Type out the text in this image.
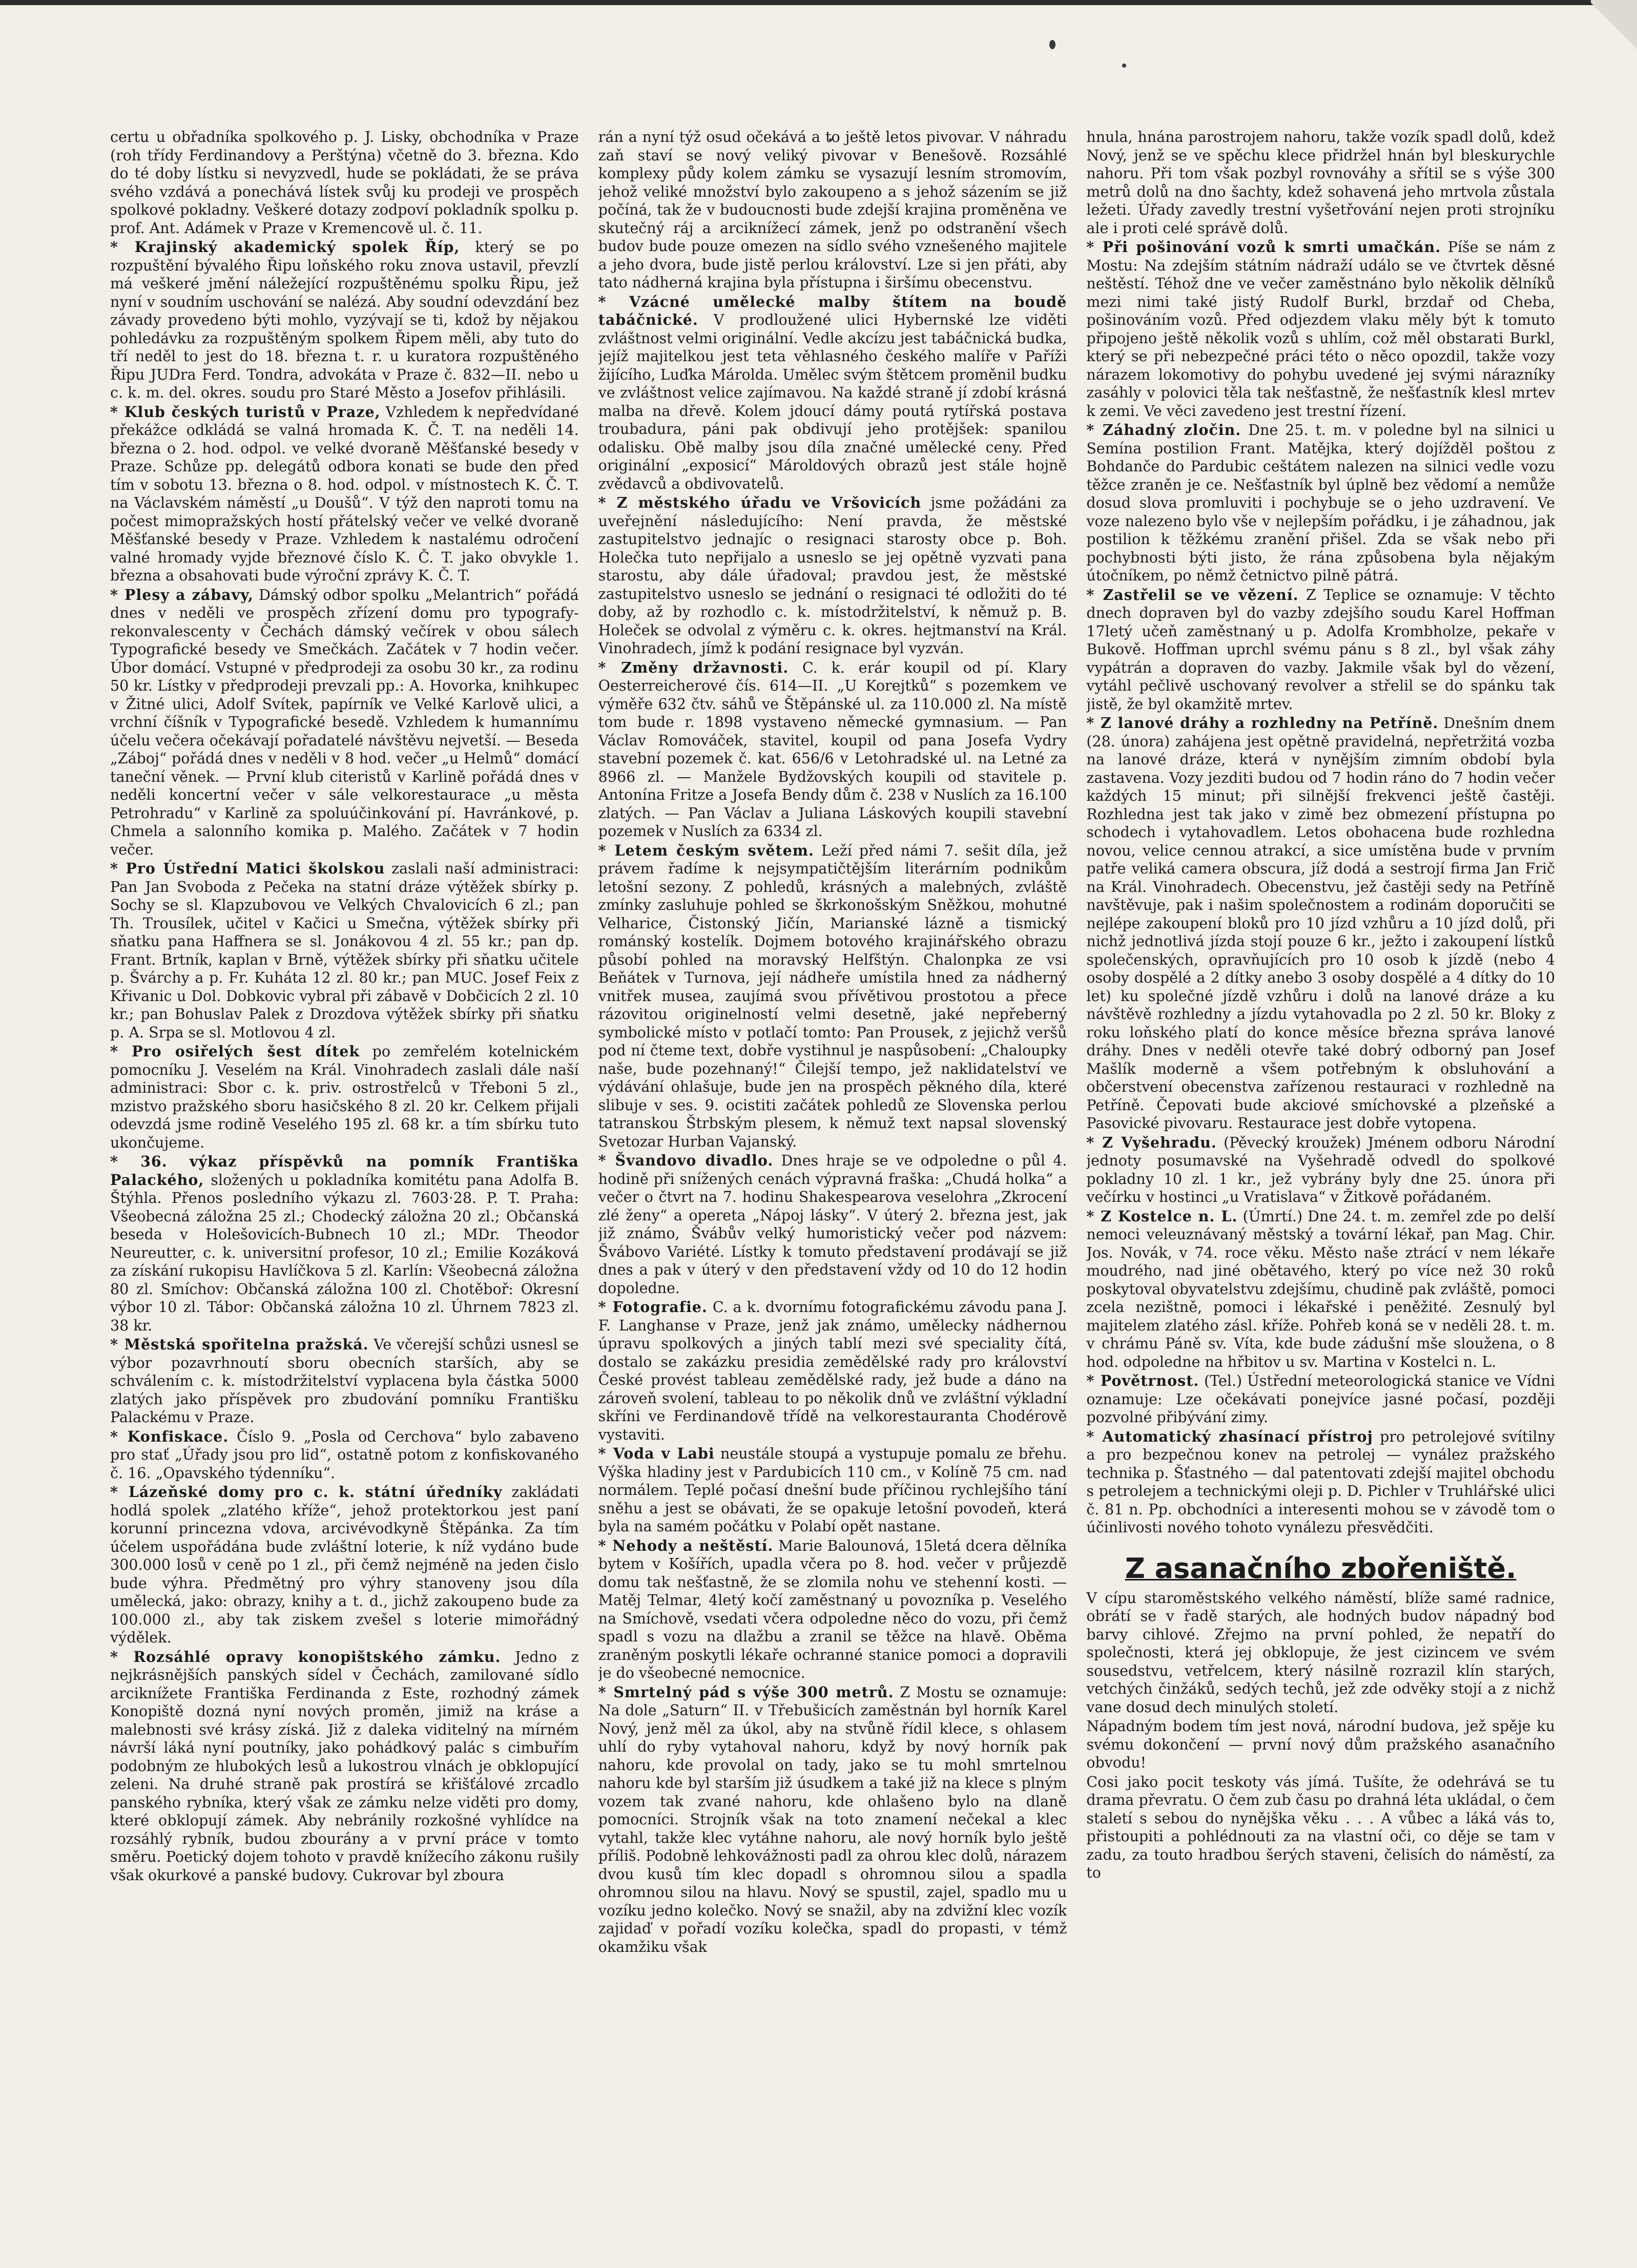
certu u obřadníka spolkového p. J. Lisky, obchodníka v Praze (roh třídy Ferdinandovy a Perštýna) včetně do 3. března. Kdo do té doby lístku si nevyzvedl, hude se pokládati, že se práva svého vzdává a ponechává lístek svůj ku prodeji ve prospěch spolkové pokladny. Veškeré dotazy zodpoví pokladník spolku p. prof. Ant. Adámek v Praze v Kremencově ul. č. 11.

* Krajinský akademický spolek Říp, který se po rozpuštění bývalého Řipu loňského roku znova ustavil, převzlí má veškeré jmění náležející rozpuštěnému spolku Řipu, jež nyní v soudním uschování se nalézá. Aby soudní odevzdání bez závady provedeno býti mohlo, vyzývají se ti, kdož by nějakou pohledávku za rozpuštěným spolkem Řipem měli, aby tuto do tří neděl to jest do 18. března t. r. u kuratora rozpuštěného Řipu JUDra Ferd. Tondra, advokáta v Praze č. 832—II. nebo u c. k. m. del. okres. soudu pro Staré Město a Josefov přihlásili.

* Klub českých turistů v Praze, Vzhledem k nepředvídané překážce odkládá se valná hromada K. Č. T. na neděli 14. března o 2. hod. odpol. ve velké dvoraně Měšťanské besedy v Praze. Schůze pp. delegátů odbora konati se bude den před tím v sobotu 13. března o 8. hod. odpol. v místnostech K. Č. T. na Václavském náměstí „u Doušů“. V týž den naproti tomu na počest mimopražských hostí přátelský večer ve velké dvoraně Měšťanské besedy v Praze. Vzhledem k nastalému odročení valné hromady vyjde březnové číslo K. Č. T. jako obvykle 1. března a obsahovati bude výroční zprávy K. Č. T.

* Plesy a zábavy, Dámský odbor spolku „Melantrich“ pořádá dnes v neděli ve prospěch zřízení domu pro typografy-rekonvalescenty v Čechách dámský večírek v obou sálech Typografické besedy ve Smečkách. Začátek v 7 hodin večer. Úbor domácí. Vstupné v předprodeji za osobu 30 kr., za rodinu 50 kr. Lístky v předprodeji prevzali pp.: A. Hovorka, knihkupec v Žitné ulici, Adolf Svítek, papírník ve Velké Karlově ulici, a vrchní číšník v Typografické besedě. Vzhledem k humannímu účelu večera očekávají pořadatelé návštěvu nejvetší. — Beseda „Záboj“ pořádá dnes v neděli v 8 hod. večer „u Helmů“ domácí taneční věnek. — První klub citeristů v Karlině pořádá dnes v neděli koncertní večer v sále velkorestaurace „u města Petrohradu“ v Karlině za spoluúčinkování pí. Havránkové, p. Chmela a salonního komika p. Malého. Začátek v 7 hodin večer.

* Pro Ústřední Matici školskou zaslali naší administraci: Pan Jan Svoboda z Pečeka na statní dráze výtěžek sbírky p. Sochy se sl. Klapzubovou ve Velkých Chvalovicích 6 zl.; pan Th. Trousílek, učitel v Kačici u Smečna, výtěžek sbírky při sňatku pana Haffnera se sl. Jonákovou 4 zl. 55 kr.; pan dp. Frant. Brtník, kaplan v Brně, výtěžek sbírky při sňatku učitele p. Švárchy a p. Fr. Kuháta 12 zl. 80 kr.; pan MUC. Josef Feix z Křivanic u Dol. Dobkovic vybral při zábavě v Dobčicích 2 zl. 10 kr.; pan Bohuslav Palek z Drozdova výtěžek sbírky při sňatku p. A. Srpa se sl. Motlovou 4 zl.

* Pro osiřelých šest dítek po zemřelém kotelnickém pomocníku J. Veselém na Král. Vinohradech zaslali dále naší administraci: Sbor c. k. priv. ostrostřelců v Třeboni 5 zl., mzistvo pražského sboru hasičského 8 zl. 20 kr. Celkem přijali odevzdá jsme rodině Veselého 195 zl. 68 kr. a tím sbírku tuto ukončujeme.

* 36. výkaz příspěvků na pomník Františka Palackého, složených u pokladníka komitétu pana Adolfa B. Štýhla. Přenos posledního výkazu zl. 7603·28. P. T. Praha: Všeobecná záložna 25 zl.; Chodecký záložna 20 zl.; Občanská beseda v Holešovicích-Bubnech 10 zl.; MDr. Theodor Neureutter, c. k. universitní profesor, 10 zl.; Emilie Kozáková za získání rukopisu Havlíčkova 5 zl. Karlín: Všeobecná záložna 80 zl. Smíchov: Občanská záložna 100 zl. Chotěboř: Okresní výbor 10 zl. Tábor: Občanská záložna 10 zl. Úhrnem 7823 zl. 38 kr.

* Městská spořitelna pražská. Ve včerejší schůzi usnesl se výbor pozavrhnoutí sboru obecních starších, aby se schválením c. k. místodržitelství vyplacena byla částka 5000 zlatých jako příspěvek pro zbudování pomníku Františku Palackému v Praze.

* Konfiskace. Číslo 9. „Posla od Cerchova“ bylo zabaveno pro stať „Úřady jsou pro lid“, ostatně potom z konfiskovaného č. 16. „Opavského týdenníku“.

* Lázeňské domy pro c. k. státní úředníky zakládati hodlá spolek „zlatého kříže“, jehož protektorkou jest paní korunní princezna vdova, arcivévodkyně Štěpánka. Za tím účelem uspořádána bude zvláštní loterie, k níž vydáno bude 300.000 losů v ceně po 1 zl., při čemž nejméně na jeden čislo bude výhra. Předmětný pro výhry stanoveny jsou díla umělecká, jako: obrazy, knihy a t. d., jichž zakoupeno bude za 100.000 zl., aby tak ziskem zvešel s loterie mimořádný výdělek.

* Rozsáhlé opravy konopištského zámku. Jedno z nejkrásnějších panských sídel v Čechách, zamilované sídlo arciknížete Františka Ferdinanda z Este, rozhodný zámek Konopiště dozná nyní nových proměn, jimiž na kráse a malebnosti své krásy získá. Již z daleka viditelný na mírném návrší láká nyní poutníky, jako pohádkový palác s cimbuřím podobným ze hlubokých lesů a lukostrou vlnách je obklopující zeleni. Na druhé straně pak prostírá se křišťálové zrcadlo panského rybníka, který však ze zámku nelze viděti pro domy, které obklopují zámek. Aby nebránily rozkošné vyhlídce na rozsáhlý rybník, budou zbourány a v první práce v tomto směru. Poetický dojem tohoto v pravdě knížecího zákonu rušily však okurkové a panské budovy. Cukrovar byl zboura

rán a nyní týž osud očekává a to ještě letos pivovar. V náhradu zaň staví se nový veliký pivovar v Benešově. Rozsáhlé komplexy půdy kolem zámku se vysazují lesním stromovím, jehož veliké množství bylo zakoupeno a s jehož sázením se již počíná, tak že v budoucnosti bude zdejší krajina proměněna ve skutečný ráj a arciknížecí zámek, jenž po odstranění všech budov bude pouze omezen na sídlo svého vznešeného majitele a jeho dvora, bude jistě perlou království. Lze si jen přáti, aby tato nádherná krajina byla přístupna i širšímu obecenstvu.

* Vzácné umělecké malby štítem na boudě tabáčnické. V prodloužené ulici Hybernské lze viděti zvláštnost velmi originální. Vedle akcízu jest tabáčnická budka, jejíž majitelkou jest teta věhlasného českého malíře v Paříži žijícího, Luďka Márolda. Umělec svým štětcem proměnil budku ve zvláštnost velice zajímavou. Na každé straně jí zdobí krásná malba na dřevě. Kolem jdoucí dámy poutá rytířská postava troubadura, páni pak obdivují jeho protějšek: spanilou odalisku. Obě malby jsou díla značné umělecké ceny. Před originální „exposicí“ Mároldových obrazů jest stále hojně zvědavců a obdivovatelů.

* Z městského úřadu ve Vršovicích jsme požádáni za uveřejnění následujícího: Není pravda, že městské zastupitelstvo jednajíc o resignaci starosty obce p. Boh. Holečka tuto nepřijalo a usneslo se jej opětně vyzvati pana starostu, aby dále úřadoval; pravdou jest, že městské zastupitelstvo usneslo se jednání o resignaci té odložiti do té doby, až by rozhodlo c. k. místodržitelství, k němuž p. B. Holeček se odvolal z výměru c. k. okres. hejtmanství na Král. Vinohradech, jímž k podání resignace byl vyzván.

* Změny državnosti. C. k. erár koupil od pí. Klary Oesterreicherové čís. 614—II. „U Korejtků“ s pozemkem ve výměře 632 čtv. sáhů ve Štěpánské ul. za 110.000 zl. Na místě tom bude r. 1898 vystaveno německé gymnasium. — Pan Václav Romováček, stavitel, koupil od pana Josefa Vydry stavební pozemek č. kat. 656/6 v Letohradské ul. na Letné za 8966 zl. — Manžele Bydžovských koupili od stavitele p. Antonína Fritze a Josefa Bendy dům č. 238 v Nuslích za 16.100 zlatých. — Pan Václav a Juliana Láskových koupili stavební pozemek v Nuslích za 6334 zl.

* Letem českým světem. Leží před námi 7. sešit díla, jež právem řadíme k nejsympatičtějším literárním podnikům letošní sezony. Z pohledů, krásných a malebných, zvláště zmínky zasluhuje pohled se škrkonošským Sněžkou, mohutné Velharice, Čistonský Jičín, Marianské lázně a tismický románský kostelík. Dojmem botového krajinářského obrazu působí pohled na moravský Helfštýn. Chalonpka ze vsi Beňátek v Turnova, její nádheře umístila hned za nádherný vnitřek musea, zaujímá svou přívětivou prostotou a přece rázovitou originelností velmi desetně, jaké nepřeberný symbolické místo v potlačí tomto: Pan Prousek, z jejichž veršů pod ní čteme text, dobře vystihnul je naspůsobení: „Chaloupky naše, bude pozehnaný!“ Čilejší tempo, jež naklidatelství ve výdávání ohlašuje, bude jen na prospěch pěkného díla, které slibuje v ses. 9. ocistiti začátek pohledů ze Slovenska perlou tatranskou Štrbským plesem, k němuž text napsal slovenský Svetozar Hurban Vajanský.

* Švandovo divadlo. Dnes hraje se ve odpoledne o půl 4. hodině při snížených cenách výpravná fraška: „Chudá holka“ a večer o čtvrt na 7. hodinu Shakespearova veselohra „Zkrocení zlé ženy“ a opereta „Nápoj lásky“. V úterý 2. března jest, jak již známo, Švábův velký humoristický večer pod názvem: Švábovo Variété. Lístky k tomuto představení prodávají se již dnes a pak v úterý v den představení vždy od 10 do 12 hodin dopoledne.

* Fotografie. C. a k. dvornímu fotografickému závodu pana J. F. Langhanse v Praze, jenž jak známo, umělecky nádhernou úpravu spolkových a jiných tablí mezi své speciality čítá, dostalo se zakázku presidia zemědělské rady pro království České provést tableau zemědělské rady, jež bude a dáno na zároveň svolení, tableau to po několik dnů ve zvláštní výkladní skříni ve Ferdinandově třídě na velkorestauranta Chodérově vystaviti.

* Voda v Labi neustále stoupá a vystupuje pomalu ze břehu. Výška hladiny jest v Pardubicích 110 cm., v Kolíně 75 cm. nad normálem. Teplé počasí dnešní bude příčinou rychlejšího tání sněhu a jest se obávati, že se opakuje letošní povodeň, která byla na samém počátku v Polabí opět nastane.

* Nehody a neštěstí. Marie Balounová, 15letá dcera dělníka bytem v Košířích, upadla včera po 8. hod. večer v průjezdě domu tak nešťastně, že se zlomila nohu ve stehenní kosti. — Matěj Telmar, 4letý kočí zaměstnaný u povozníka p. Veselého na Smíchově, vsedati včera odpoledne něco do vozu, při čemž spadl s vozu na dlažbu a zranil se těžce na hlavě. Oběma zraněným poskytli lékaře ochranné stanice pomoci a dopravili je do všeobecné nemocnice.

* Smrtelný pád s výše 300 metrů. Z Mostu se oznamuje: Na dole „Saturn“ II. v Třebušicích zaměstnán byl horník Karel Nový, jenž měl za úkol, aby na stvůně řídil klece, s ohlasem uhlí do ryby vytahoval nahoru, když by nový horník pak nahoru, kde provolal on tady, jako se tu mohl smrtelnou nahoru kde byl starším již úsudkem a také již na klece s plným vozem tak zvané nahoru, kde ohlašeno bylo na dlaně pomocníci. Strojník však na toto znamení nečekal a klec vytahl, takže klec vytáhne nahoru, ale nový horník bylo ještě příliš. Podobně lehkovážnosti padl za ohrou klec dolů, nárazem dvou kusů tím klec dopadl s ohromnou silou a spadla ohromnou silou na hlavu. Nový se spustil, zajel, spadlo mu u vozíku jedno kolečko. Nový se snažil, aby na zdvižní klec vozík zajidaď v pořadí vozíku kolečka, spadl do propasti, v témž okamžiku však

hnula, hnána parostrojem nahoru, takže vozík spadl dolů, kdež Nový, jenž se ve spěchu klece přidržel hnán byl bleskurychle nahoru. Při tom však pozbyl rovnováhy a sřítil se s výše 300 metrů dolů na dno šachty, kdež sohavená jeho mrtvola zůstala ležeti. Úřady zavedly trestní vyšetřování nejen proti strojníku ale i proti celé správě dolů.

* Při pošinování vozů k smrti umačkán. Píše se nám z Mostu: Na zdejším státním nádraží událo se ve čtvrtek děsné neštěstí. Téhož dne ve večer zaměstnáno bylo několik dělníků mezi nimi také jistý Rudolf Burkl, brzdař od Cheba, pošinováním vozů. Před odjezdem vlaku měly být k tomuto připojeno ještě několik vozů s uhlím, což měl obstarati Burkl, který se při nebezpečné práci této o něco opozdil, takže vozy nárazem lokomotivy do pohybu uvedené jej svými nárazníky zasáhly v polovici těla tak nešťastně, že nešťastník klesl mrtev k zemi. Ve věci zavedeno jest trestní řízení.

* Záhadný zločin. Dne 25. t. m. v poledne byl na silnici u Semína postilion Frant. Matějka, který dojížděl poštou z Bohdanče do Pardubic ceštátem nalezen na silnici vedle vozu těžce zraněn je ce. Nešťastník byl úplně bez vědomí a nemůže dosud slova promluviti i pochybuje se o jeho uzdravení. Ve voze nalezeno bylo vše v nejlepším pořádku, i je záhadnou, jak postilion k těžkému zranění přišel. Zda se však nebo při pochybnosti býti jisto, že rána způsobena byla nějakým útočníkem, po němž četnictvo pilně pátrá.

* Zastřelil se ve vězení. Z Teplice se oznamuje: V těchto dnech dopraven byl do vazby zdejšího soudu Karel Hoffman 17letý učeň zaměstnaný u p. Adolfa Krombholze, pekaře v Bukově. Hoffman uprchl svému pánu s 8 zl., byl však záhy vypátrán a dopraven do vazby. Jakmile však byl do vězení, vytáhl pečlivě uschovaný revolver a střelil se do spánku tak jistě, že byl okamžitě mrtev.

* Z lanové dráhy a rozhledny na Petříně. Dnešním dnem (28. února) zahájena jest opětně pravidelná, nepřetržitá vozba na lanové dráze, která v nynějším zimním období byla zastavena. Vozy jezditi budou od 7 hodin ráno do 7 hodin večer každých 15 minut; při silnější frekvenci ještě častěji. Rozhledna jest tak jako v zimě bez obmezení přístupna po schodech i vytahovadlem. Letos obohacena bude rozhledna novou, velice cennou atrakcí, a sice umístěna bude v prvním patře veliká camera obscura, jíž dodá a sestrojí firma Jan Frič na Král. Vinohradech. Obecenstvu, jež častěji sedy na Petříně navštěvuje, pak i našim společnostem a rodinám doporučiti se nejlépe zakoupení bloků pro 10 jízd vzhůru a 10 jízd dolů, při nichž jednotlivá jízda stojí pouze 6 kr., ježto i zakoupení lístků společenských, opravňujících pro 10 osob k jízdě (nebo 4 osoby dospělé a 2 dítky anebo 3 osoby dospělé a 4 dítky do 10 let) ku společné jízdě vzhůru i dolů na lanové dráze a ku návštěvě rozhledny a jízdu vytahovadla po 2 zl. 50 kr. Bloky z roku loňského platí do konce měsíce března správa lanové dráhy. Dnes v neděli otevře také dobrý odborný pan Josef Mašlík moderně a všem potřebným k obsluhování a občerstvení obecenstva zařízenou restauraci v rozhledně na Petříně. Čepovati bude akciové smíchovské a plzeňské a Pasovické pivovaru. Restaurace jest dobře vytopena.

* Z Vyšehradu. (Pěvecký kroužek) Jménem odboru Národní jednoty posumavské na Vyšehradě odvedl do spolkové pokladny 10 zl. 1 kr., jež vybrány byly dne 25. února při večírku v hostinci „u Vratislava“ v Žitkově pořádaném.

* Z Kostelce n. L. (Úmrtí.) Dne 24. t. m. zemřel zde po delší nemoci veleuznávaný městský a tovární lékař, pan Mag. Chir. Jos. Novák, v 74. roce věku. Město naše ztrácí v nem lékaře moudrého, nad jiné obětavého, který po více než 30 roků poskytoval obyvatelstvu zdejšímu, chudině pak zvláště, pomoci zcela nezištně, pomoci i lékařské i peněžité. Zesnulý byl majitelem zlatého zásl. kříže. Pohřeb koná se v neděli 28. t. m. v chrámu Páně sv. Víta, kde bude zádušní mše sloužena, o 8 hod. odpoledne na hřbitov u sv. Martina v Kostelci n. L.

* Povětrnost. (Tel.) Ústřední meteorologická stanice ve Vídni oznamuje: Lze očekávati ponejvíce jasné počasí, později pozvolné přibývání zimy.

* Automatický zhasínací přístroj pro petrolejové svítilny a pro bezpečnou konev na petrolej — vynález pražského technika p. Šťastného — dal patentovati zdejší majitel obchodu s petrolejem a technickými oleji p. D. Pichler v Truhlářské ulici č. 81 n. Pp. obchodníci a interesenti mohou se v závodě tom o účinlivosti nového tohoto vynálezu přesvědčiti.

Z asanačního zbořeniště.

V cípu staroměstského velkého náměstí, blíže samé radnice, obrátí se v řadě starých, ale hodných budov nápadný bod barvy cihlové. Zřejmo na první pohled, že nepatří do společnosti, která jej obklopuje, že jest cizincem ve svém sousedstvu, vetřelcem, který násilně rozrazil klín starých, vetchých činžáků, sedých techů, jež zde odvěky stojí a z nichž vane dosud dech minulých století.

Nápadným bodem tím jest nová, národní budova, jež spěje ku svému dokončení — první nový dům pražského asanačního obvodu!

Cosi jako pocit teskoty vás jímá. Tušíte, že odehrává se tu drama převratu. O čem zub času po drahná léta ukládal, o čem staletí s sebou do nynějška věku . . . A vůbec a láká vás to, přistoupiti a pohlédnouti za na vlastní oči, co děje se tam v zadu, za touto hradbou šerých staveni, čelisích do náměstí, za to
